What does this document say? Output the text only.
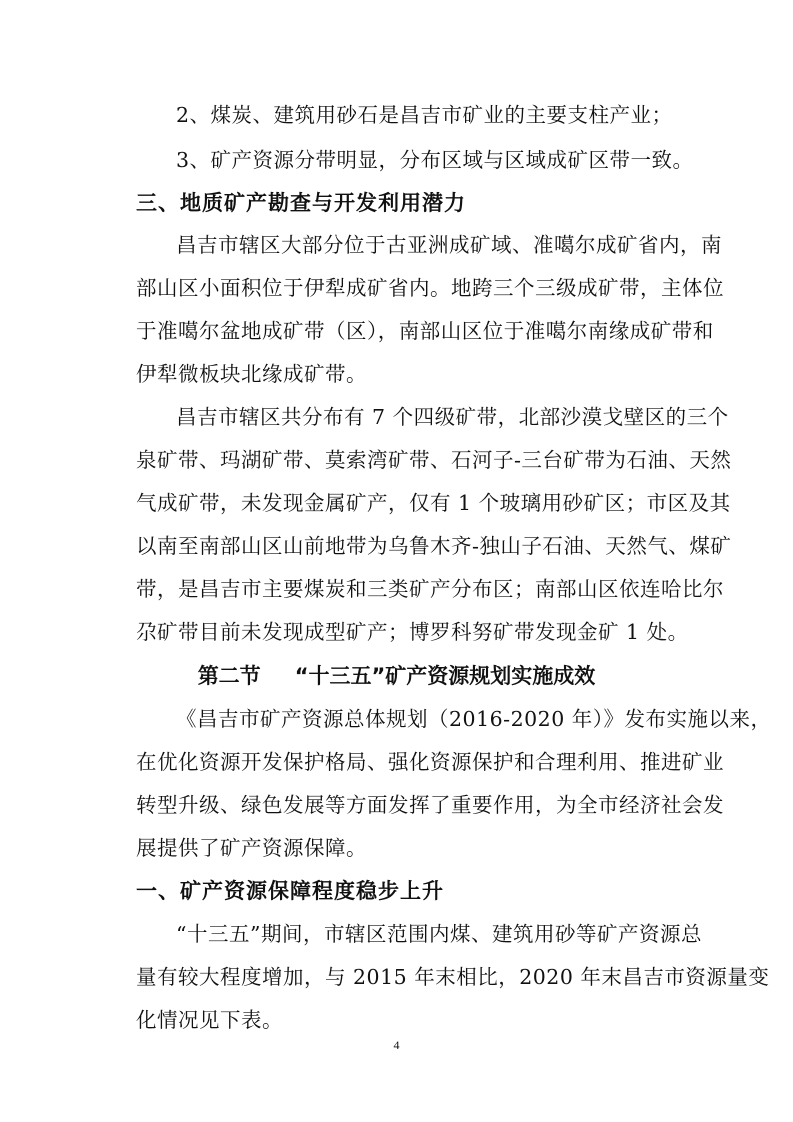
2、煤炭、建筑用砂石是昌吉市矿业的主要支柱产业；
3、矿产资源分带明显，分布区域与区域成矿区带一致。
三、地质矿产勘查与开发利用潜力
昌吉市辖区大部分位于古亚洲成矿域、准噶尔成矿省内，南
部山区小面积位于伊犁成矿省内。地跨三个三级成矿带，主体位
于准噶尔盆地成矿带（区），南部山区位于准噶尔南缘成矿带和
伊犁微板块北缘成矿带。
昌吉市辖区共分布有 7 个四级矿带，北部沙漠戈壁区的三个
泉矿带、玛湖矿带、莫索湾矿带、石河子-三台矿带为石油、天然
气成矿带，未发现金属矿产，仅有 1 个玻璃用砂矿区；市区及其
以南至南部山区山前地带为乌鲁木齐-独山子石油、天然气、煤矿
带，是昌吉市主要煤炭和三类矿产分布区；南部山区依连哈比尔
尕矿带目前未发现成型矿产；博罗科努矿带发现金矿 1 处。
第二节 “十三五”矿产资源规划实施成效
《昌吉市矿产资源总体规划（2016-2020 年）》发布实施以来，
在优化资源开发保护格局、强化资源保护和合理利用、推进矿业
转型升级、绿色发展等方面发挥了重要作用，为全市经济社会发
展提供了矿产资源保障。
一、矿产资源保障程度稳步上升
“十三五”期间，市辖区范围内煤、建筑用砂等矿产资源总
量有较大程度增加，与 2015 年末相比，2020 年末昌吉市资源量变
化情况见下表。
4
